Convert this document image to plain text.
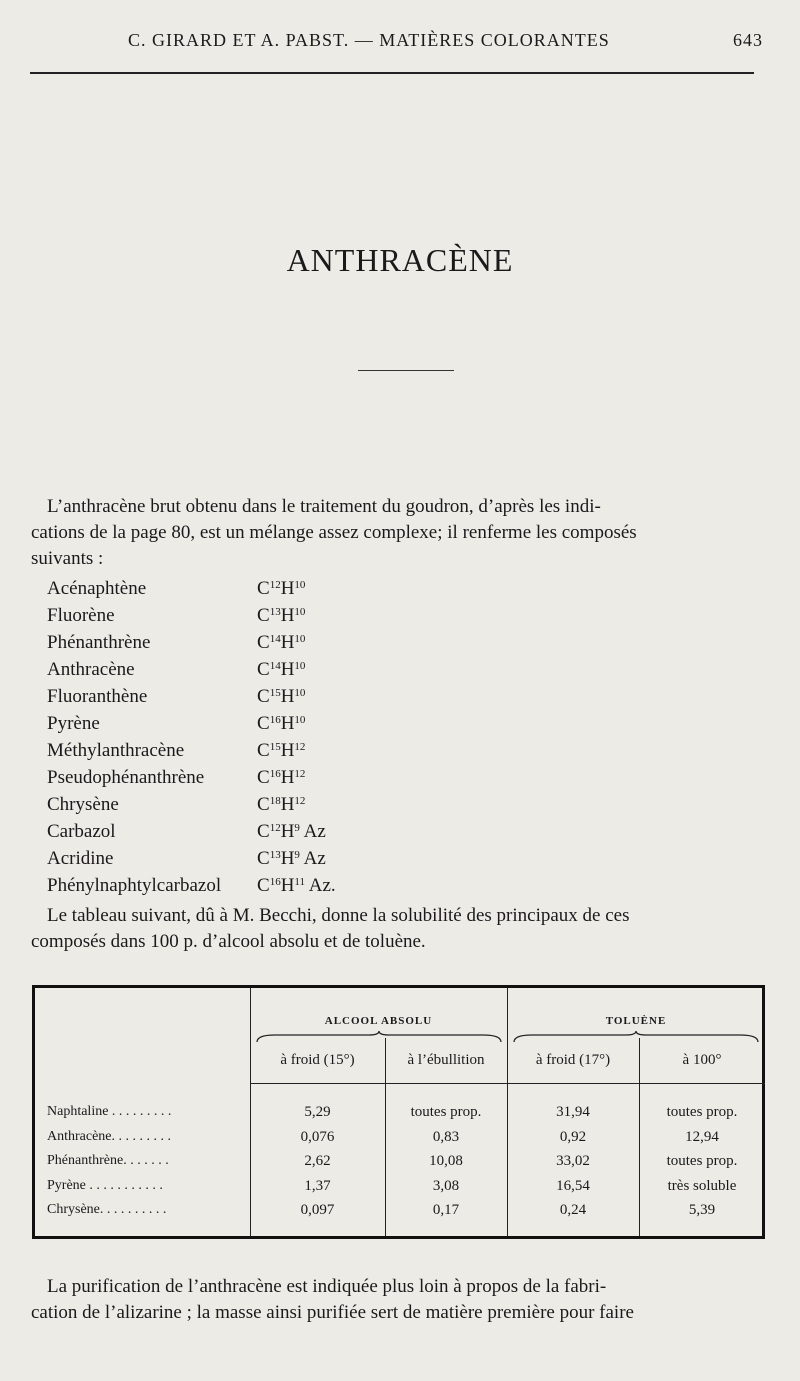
C. GIRARD ET A. PABST. — MATIÈRES COLORANTES	643
ANTHRACÈNE
L’anthracène brut obtenu dans le traitement du goudron, d’après les indi-
cations de la page 80, est un mélange assez complexe; il renferme les composés
suivants :
Acénaphtène	$C^{12}H^{10}$
Fluorène	$C^{13}H^{10}$
Phénanthrène	$C^{14}H^{10}$
Anthracène	$C^{14}H^{10}$
Fluoranthène	$C^{15}H^{10}$
Pyrène	$C^{16}H^{10}$
Méthylanthracène	$C^{15}H^{12}$
Pseudophénanthrène	$C^{16}H^{12}$
Chrysène	$C^{18}H^{12}$
Carbazol	$C^{12}H^9$ Az
Acridine	$C^{13}H^9$ Az
Phénylnaphtylcarbazol $C^{16}H^{11}$ Az.
Le tableau suivant, dû à M. Becchi, donne la solubilité des principaux de ces
composés dans 100 p. d’alcool absolu et de toluène.
ALCOOL ABSOLU	TOLUÈNE
à froid (15°)	à l’ébullition	à froid (17°)	à 100°
Naphtaline . . . . . . . . .	5,29	toutes prop.	31,94	toutes prop.
Anthracène. . . . . . . . .	0,076	0,83	0,92	12,94
Phénanthrène. . . . . . .	2,62	10,08	33,02	toutes prop.
Pyrène . . . . . . . . . . .	1,37	3,08	16,54	très soluble
Chrysène. . . . . . . . . .	0,097	0,17	0,24	5,39
La purification de l’anthracène est indiquée plus loin à propos de la fabri-
cation de l’alizarine ; la masse ainsi purifiée sert de matière première pour faire
